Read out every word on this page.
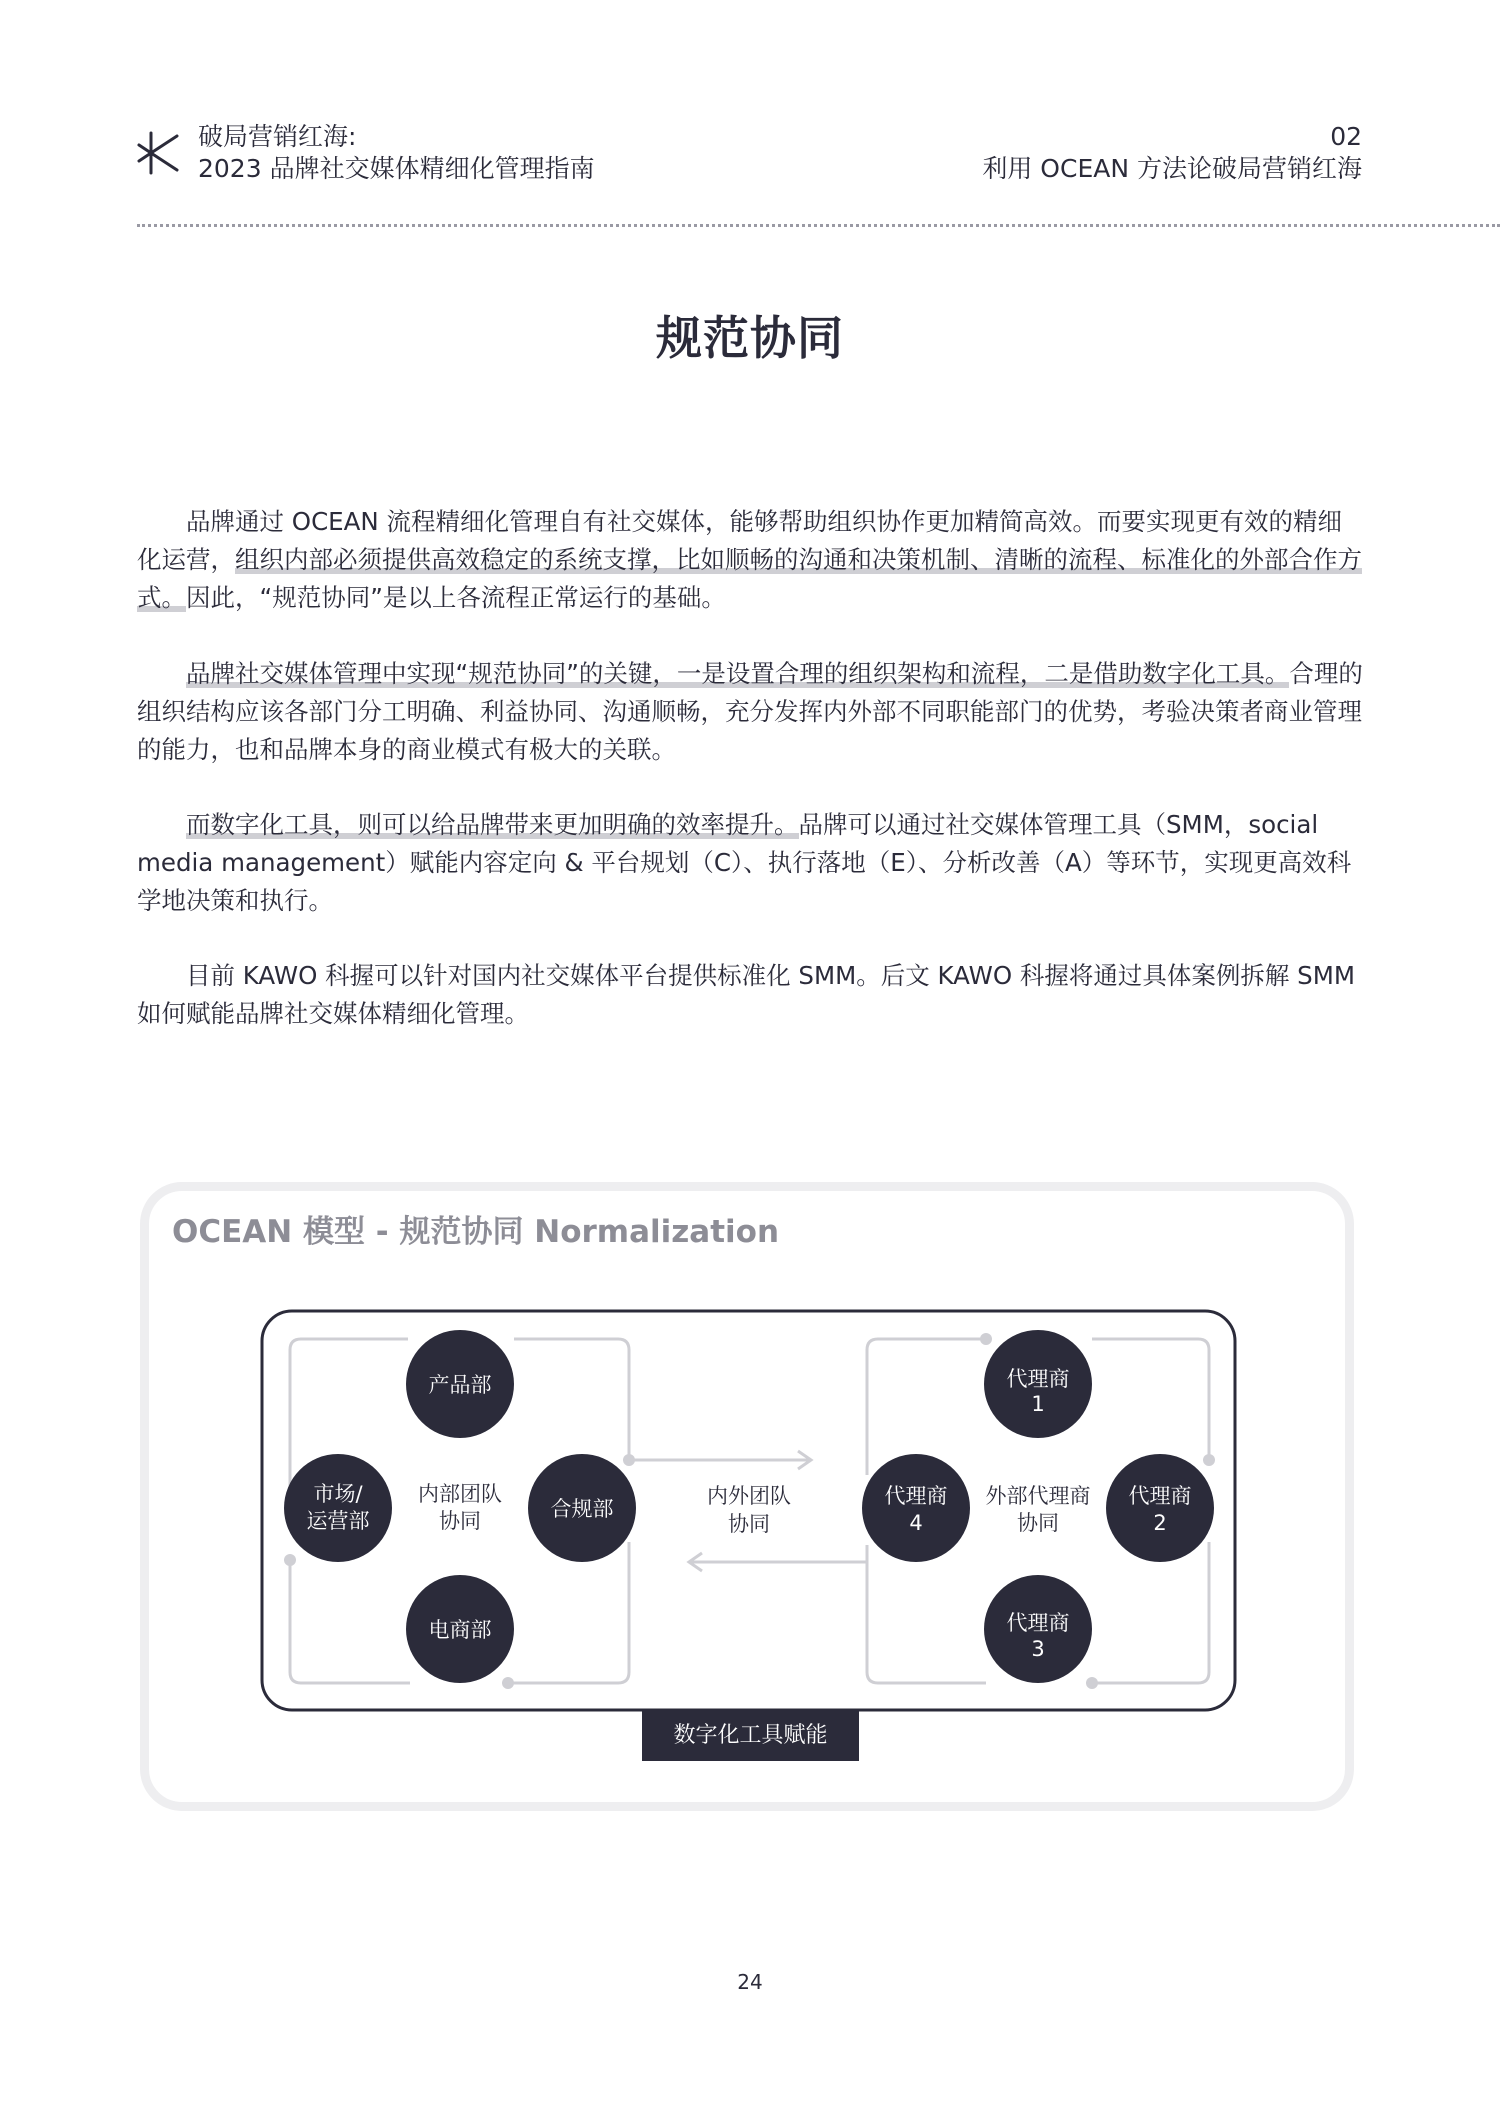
破局营销红海:
2023 品牌社交媒体精细化管理指南
02
利用 OCEAN 方法论破局营销红海
规范协同

品牌通过 OCEAN 流程精细化管理自有社交媒体，能够帮助组织协作更加精简高效。而要实现更有效的精细化运营，组织内部必须提供高效稳定的系统支撑，比如顺畅的沟通和决策机制、清晰的流程、标准化的外部合作方式。因此，“规范协同”是以上各流程正常运行的基础。

品牌社交媒体管理中实现“规范协同”的关键，一是设置合理的组织架构和流程，二是借助数字化工具。合理的组织结构应该各部门分工明确、利益协同、沟通顺畅，充分发挥内外部不同职能部门的优势，考验决策者商业管理的能力，也和品牌本身的商业模式有极大的关联。

而数字化工具，则可以给品牌带来更加明确的效率提升。品牌可以通过社交媒体管理工具（SMM，social media management）赋能内容定向 & 平台规划（C）、执行落地（E）、分析改善（A）等环节，实现更高效科学地决策和执行。

目前 KAWO 科握可以针对国内社交媒体平台提供标准化 SMM。后文 KAWO 科握将通过具体案例拆解 SMM 如何赋能品牌社交媒体精细化管理。

OCEAN 模型 - 规范协同 Normalization
内外团队
协同
产品部
市场/
运营部	合规部
电商部
内部团队
协同
代理商
1
代理商
4
代理商
2
代理商
3
外部代理商
协同
数字化工具赋能
24
